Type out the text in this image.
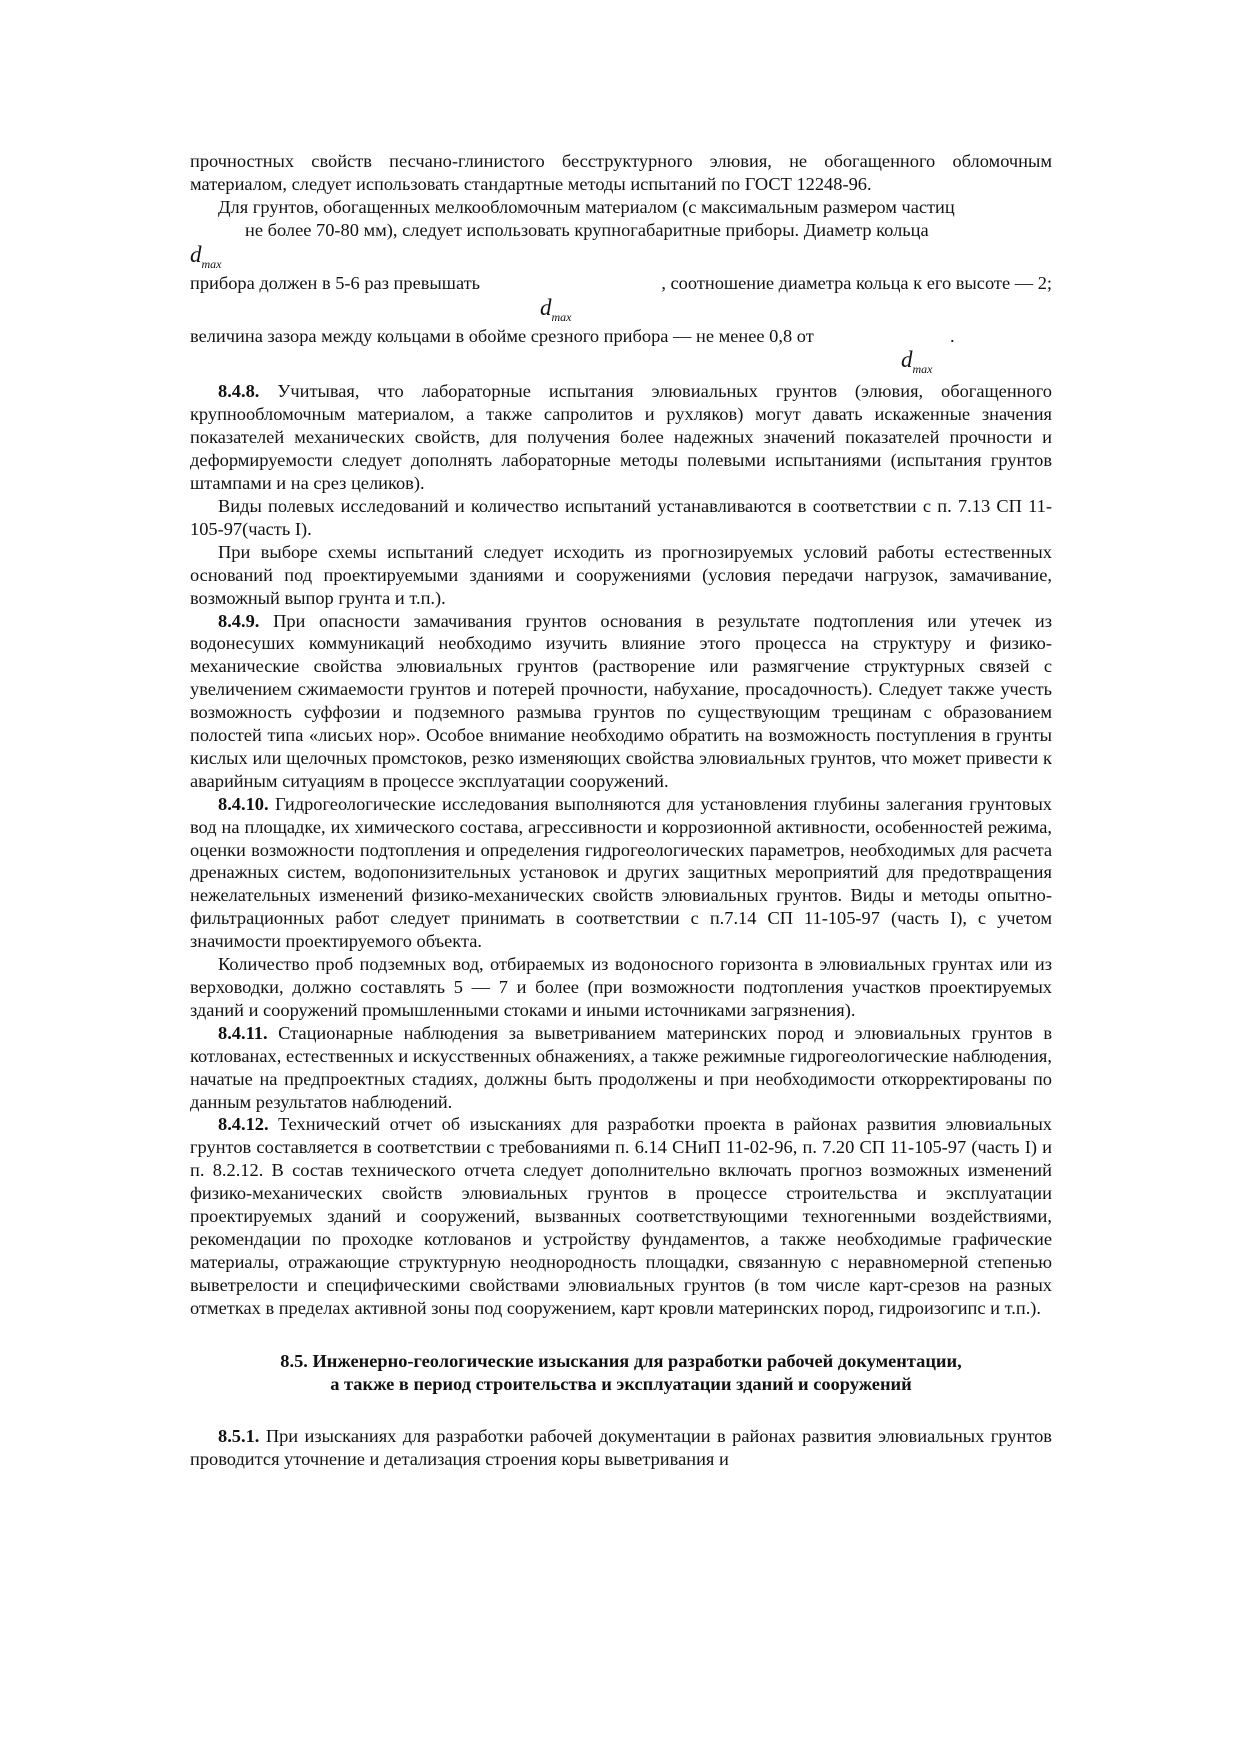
прочностных свойств песчано-глинистого бесструктурного элювия, не обогащенного обломочным материалом, следует использовать стандартные методы испытаний по ГОСТ 12248-96.

Для грунтов, обогащенных мелкообломочным материалом (с максимальным размером частиц

не более 70-80 мм), следует использовать крупногабаритные приборы. Диаметр кольца

$d_{max}$

прибора должен в 5-6 раз превышать	, соотношение диаметра кольца к его высоте — 2;

$d_{max}$

величина зазора между кольцами в обойме срезного прибора — не менее 0,8 от	.

$d_{max}$

8.4.8. Учитывая, что лабораторные испытания элювиальных грунтов (элювия, обогащенного крупнообломочным материалом, а также сапролитов и рухляков) могут давать искаженные значения показателей механических свойств, для получения более надежных значений показателей прочности и деформируемости следует дополнять лабораторные методы полевыми испытаниями (испытания грунтов штампами и на срез целиков).

Виды полевых исследований и количество испытаний устанавливаются в соответствии с п. 7.13 СП 11-105-97(часть I).

При выборе схемы испытаний следует исходить из прогнозируемых условий работы естественных оснований под проектируемыми зданиями и сооружениями (условия передачи нагрузок, замачивание, возможный выпор грунта и т.п.).

8.4.9. При опасности замачивания грунтов основания в результате подтопления или утечек из водонесуших коммуникаций необходимо изучить влияние этого процесса на структуру и физико-механические свойства элювиальных грунтов (растворение или размягчение структурных связей с увеличением сжимаемости грунтов и потерей прочности, набухание, просадочность). Следует также учесть возможность суффозии и подземного размыва грунтов по существующим трещинам с образованием полостей типа «лисьих нор». Особое внимание необходимо обратить на возможность поступления в грунты кислых или щелочных промстоков, резко изменяющих свойства элювиальных грунтов, что может привести к аварийным ситуациям в процессе эксплуатации сооружений.

8.4.10. Гидрогеологические исследования выполняются для установления глубины залегания грунтовых вод на площадке, их химического состава, агрессивности и коррозионной активности, особенностей режима, оценки возможности подтопления и определения гидрогеологических параметров, необходимых для расчета дренажных систем, водопонизительных установок и других защитных мероприятий для предотвращения нежелательных изменений физико-механических свойств элювиальных грунтов. Виды и методы опытно-фильтрационных работ следует принимать в соответствии с п.7.14 СП 11-105-97 (часть I), с учетом значимости проектируемого объекта.

Количество проб подземных вод, отбираемых из водоносного горизонта в элювиальных грунтах или из верховодки, должно составлять 5 — 7 и более (при возможности подтопления участков проектируемых зданий и сооружений промышленными стоками и иными источниками загрязнения).

8.4.11. Стационарные наблюдения за выветриванием материнских пород и элювиальных грунтов в котлованах, естественных и искусственных обнажениях, а также режимные гидрогеологические наблюдения, начатые на предпроектных стадиях, должны быть продолжены и при необходимости откорректированы по данным результатов наблюдений.

8.4.12. Технический отчет об изысканиях для разработки проекта в районах развития элювиальных грунтов составляется в соответствии с требованиями п. 6.14 СНиП 11-02-96, п. 7.20 СП 11-105-97 (часть I) и п. 8.2.12. В состав технического отчета следует дополнительно включать прогноз возможных изменений физико-механических свойств элювиальных грунтов в процессе строительства и эксплуатации проектируемых зданий и сооружений, вызванных соответствующими техногенными воздействиями, рекомендации по проходке котлованов и устройству фундаментов, а также необходимые графические материалы, отражающие структурную неоднородность площадки, связанную с неравномерной степенью выветрелости и специфическими свойствами элювиальных грунтов (в том числе карт-срезов на разных отметках в пределах активной зоны под сооружением, карт кровли материнских пород, гидроизогипс и т.п.).

8.5. Инженерно-геологические изыскания для разработки рабочей документации,
а также в период строительства и эксплуатации зданий и сооружений

8.5.1. При изысканиях для разработки рабочей документации в районах развития элювиальных грунтов проводится уточнение и детализация строения коры выветривания и
